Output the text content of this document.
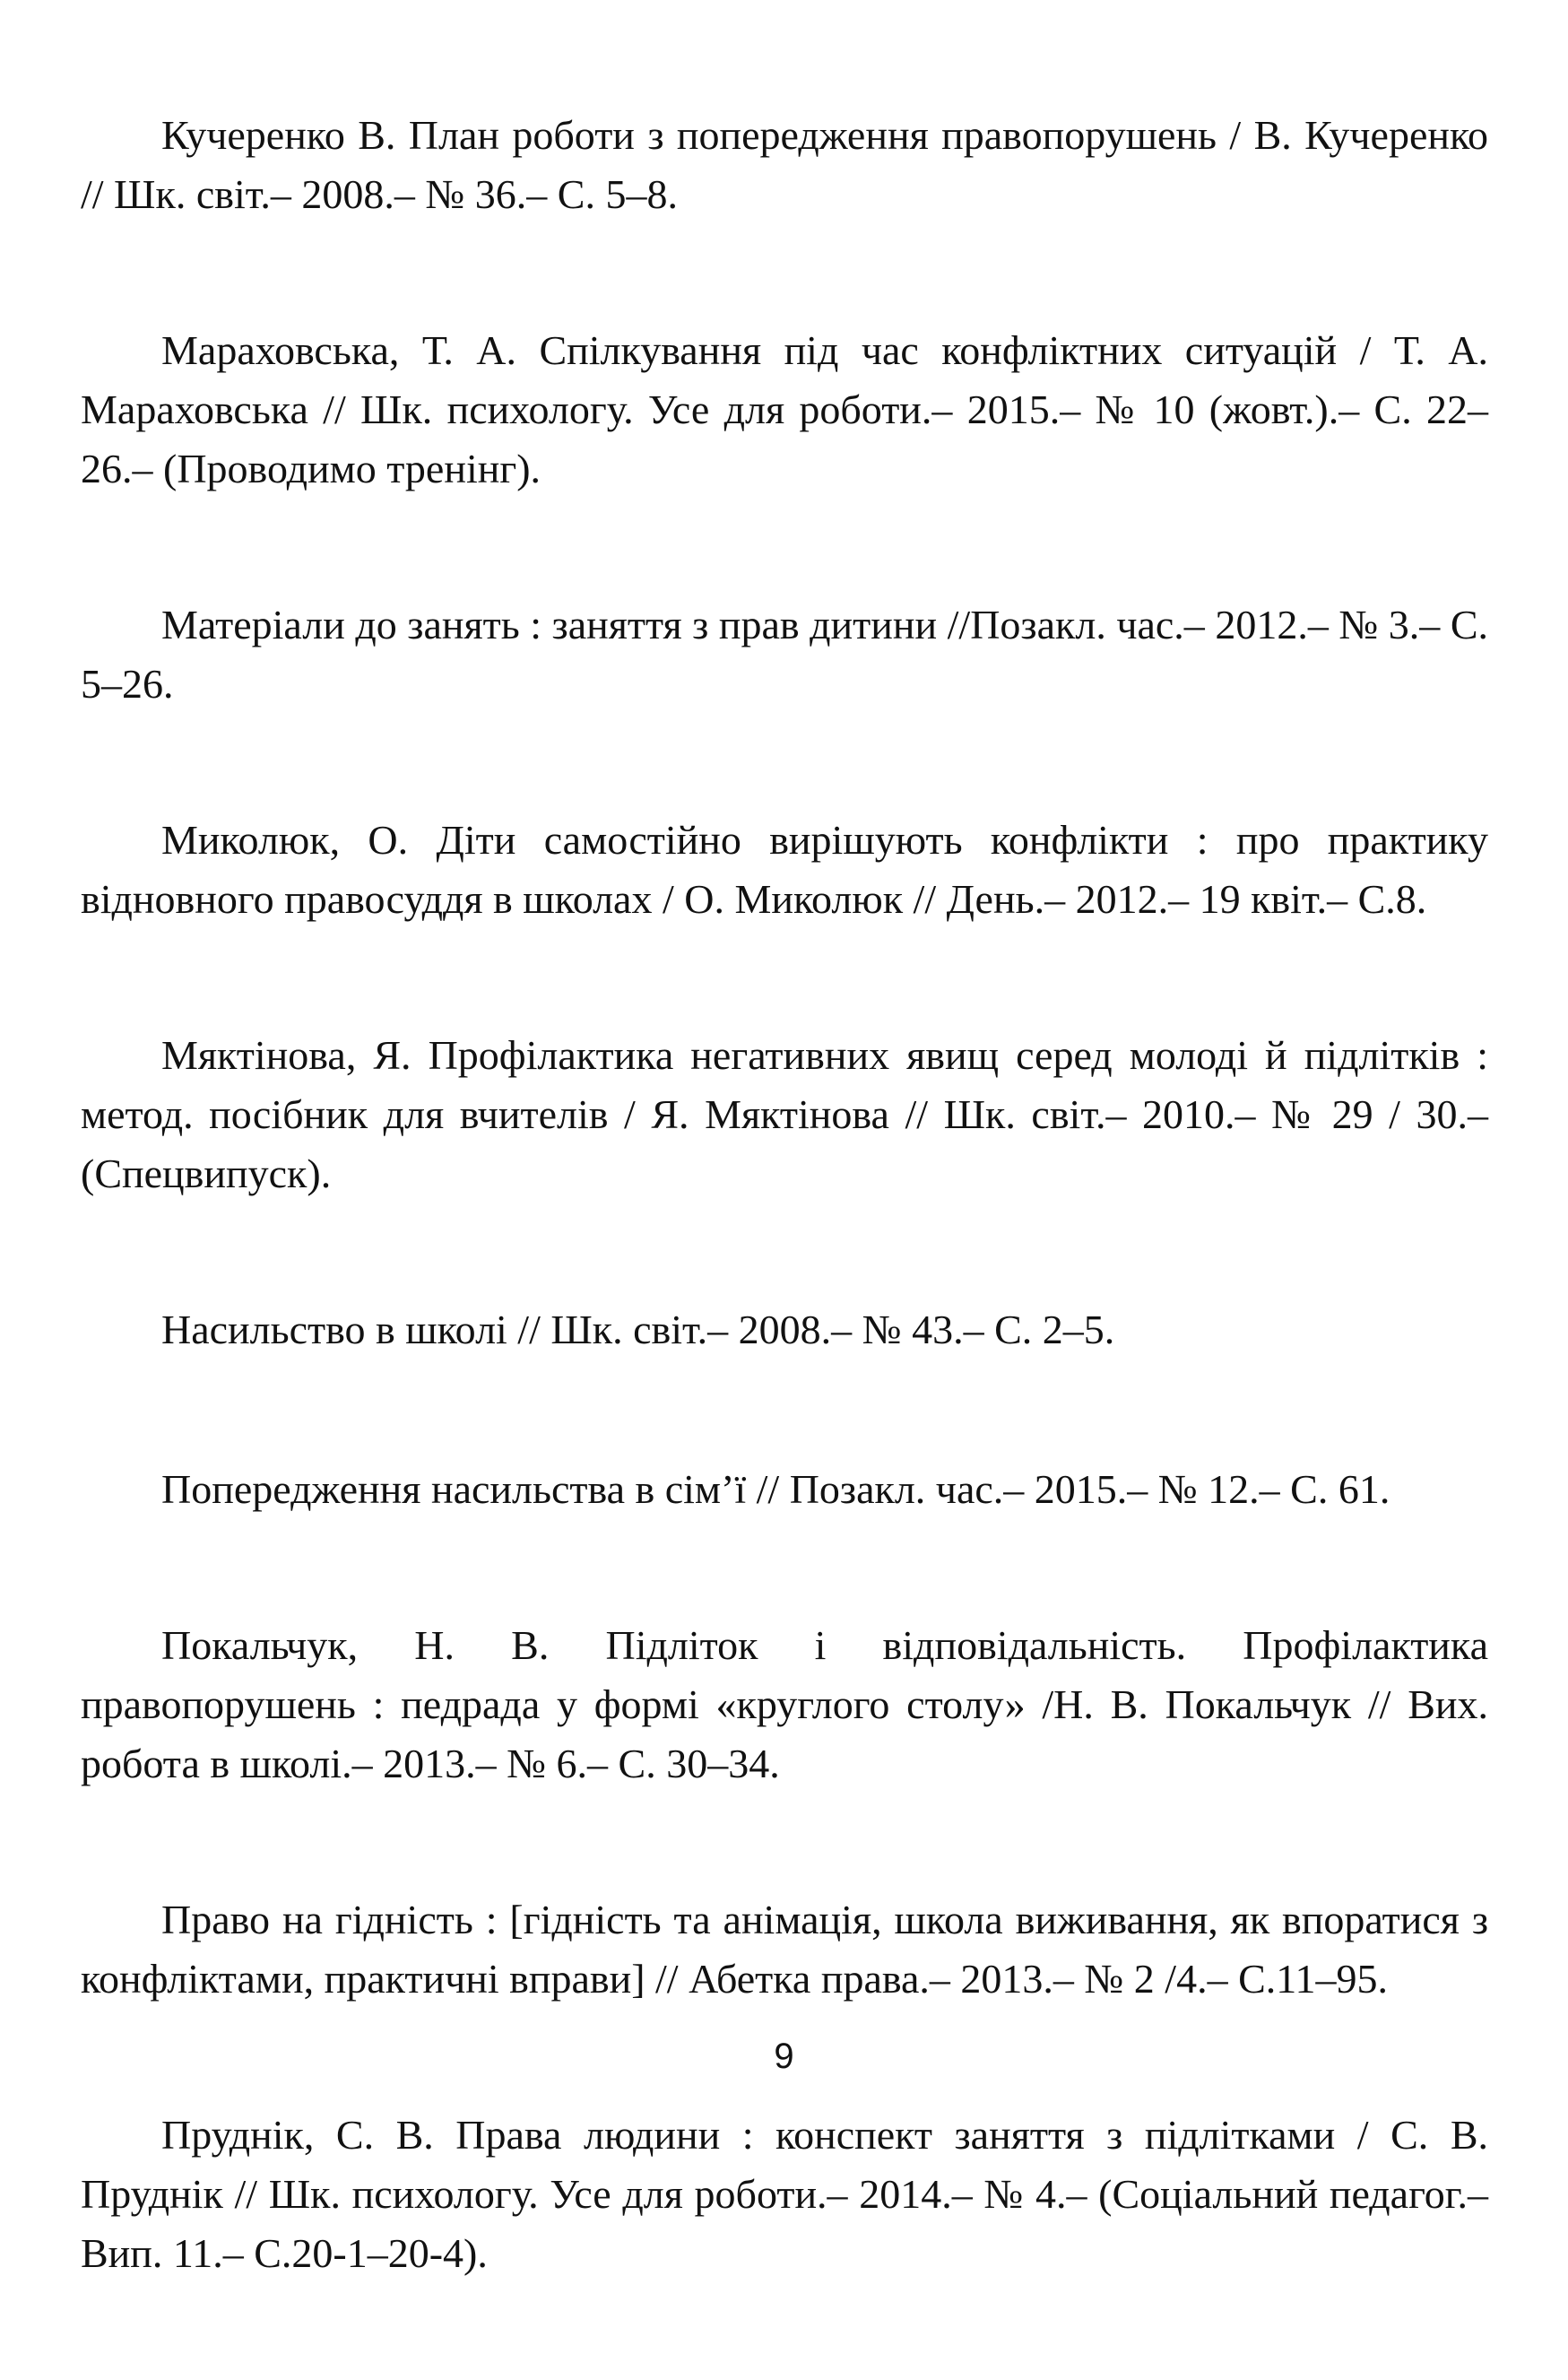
Кучеренко В. План роботи з попередження правопорушень / В. Кучеренко // Шк. світ.– 2008.– № 36.– С. 5–8.

Мараховська, Т. А. Спілкування під час конфліктних ситуацій / Т. А. Мараховська // Шк. психологу. Усе для роботи.– 2015.– № 10 (жовт.).– С. 22–26.– (Проводимо тренінг).

Матеріали до занять : заняття з прав дитини //Позакл. час.– 2012.– № 3.– С. 5–26.

Миколюк, О. Діти самостійно вирішують конфлікти : про практику відновного правосуддя в школах / О. Миколюк // День.– 2012.– 19 квіт.– С.8.

Мяктінова, Я. Профілактика негативних явищ серед молоді й підлітків : метод. посібник для вчителів / Я. Мяктінова // Шк. світ.– 2010.– № 29 / 30.– (Спецвипуск).

Насильство в школі // Шк. світ.– 2008.– № 43.– С. 2–5.

Попередження насильства в сім’ї // Позакл. час.– 2015.– № 12.– С. 61.

Покальчук, Н. В. Підліток і відповідальність. Профілактика правопорушень : педрада у формі «круглого столу» /Н. В. Покальчук // Вих. робота в школі.– 2013.– № 6.– С. 30–34.

Право на гідність : [гідність та анімація, школа виживання, як впоратися з конфліктами, практичні вправи] // Абетка права.– 2013.– № 2 /4.– С.11–95.

Пруднік, С. В. Права людини : конспект заняття з підлітками / С. В. Пруднік // Шк. психологу. Усе для роботи.– 2014.– № 4.– (Соціальний педагог.– Вип. 11.– С.20-1–20-4).

9
